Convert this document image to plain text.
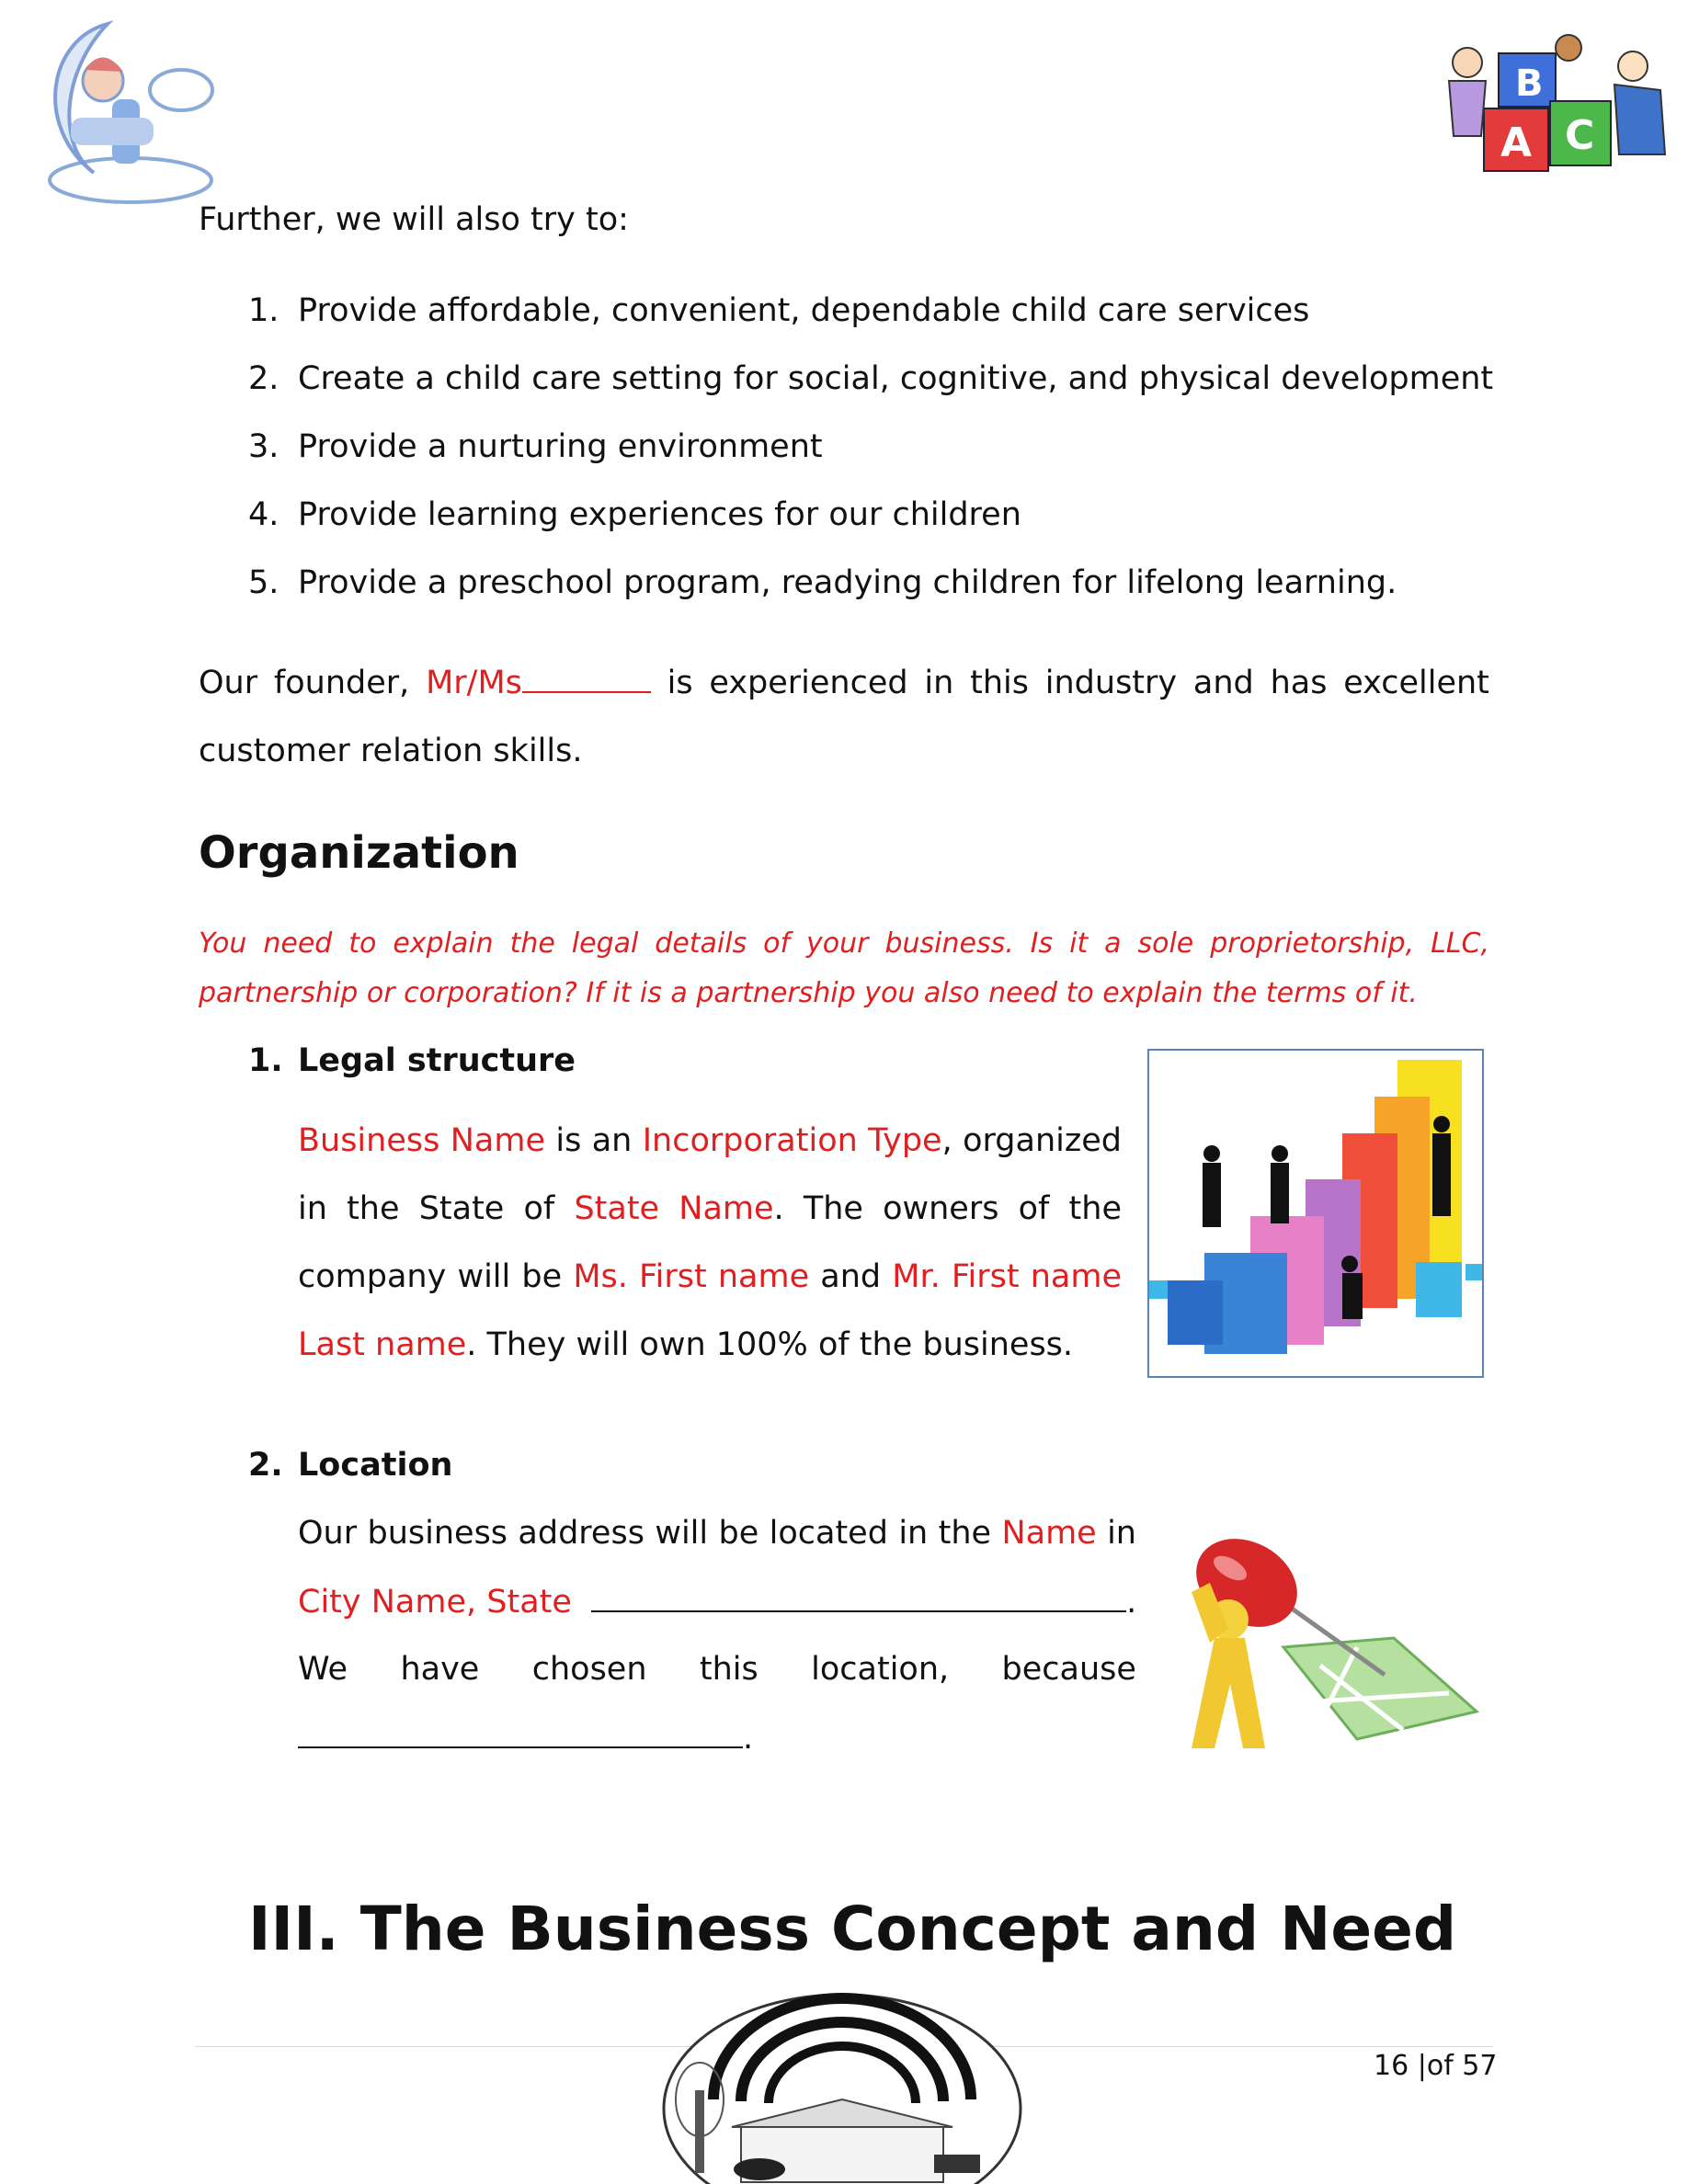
B
A C
Further, we will also try to:
1. Provide affordable, convenient, dependable child care services
2. Create a child care setting for social, cognitive, and physical development
3. Provide a nurturing environment
4. Provide learning experiences for our children
5. Provide a preschool program, readying children for lifelong learning.
Our founder, Mr/Ms	is experienced in this industry and has excellent
customer relation skills.
Organization
You need to explain the legal details of your business. Is it a sole proprietorship, LLC, partnership or corporation? If it is a partnership you also need to explain the terms of it.
1. Legal structure
Business Name is an Incorporation Type, organized in the State of State Name. The owners of the company will be Ms. First name and Mr. First name Last name. They will own 100% of the business.
2. Location
Our business address will be located in the Name in
City Name, State	.
We have chosen this location, because
.
III. The Business Concept and Need
16 |of 57
